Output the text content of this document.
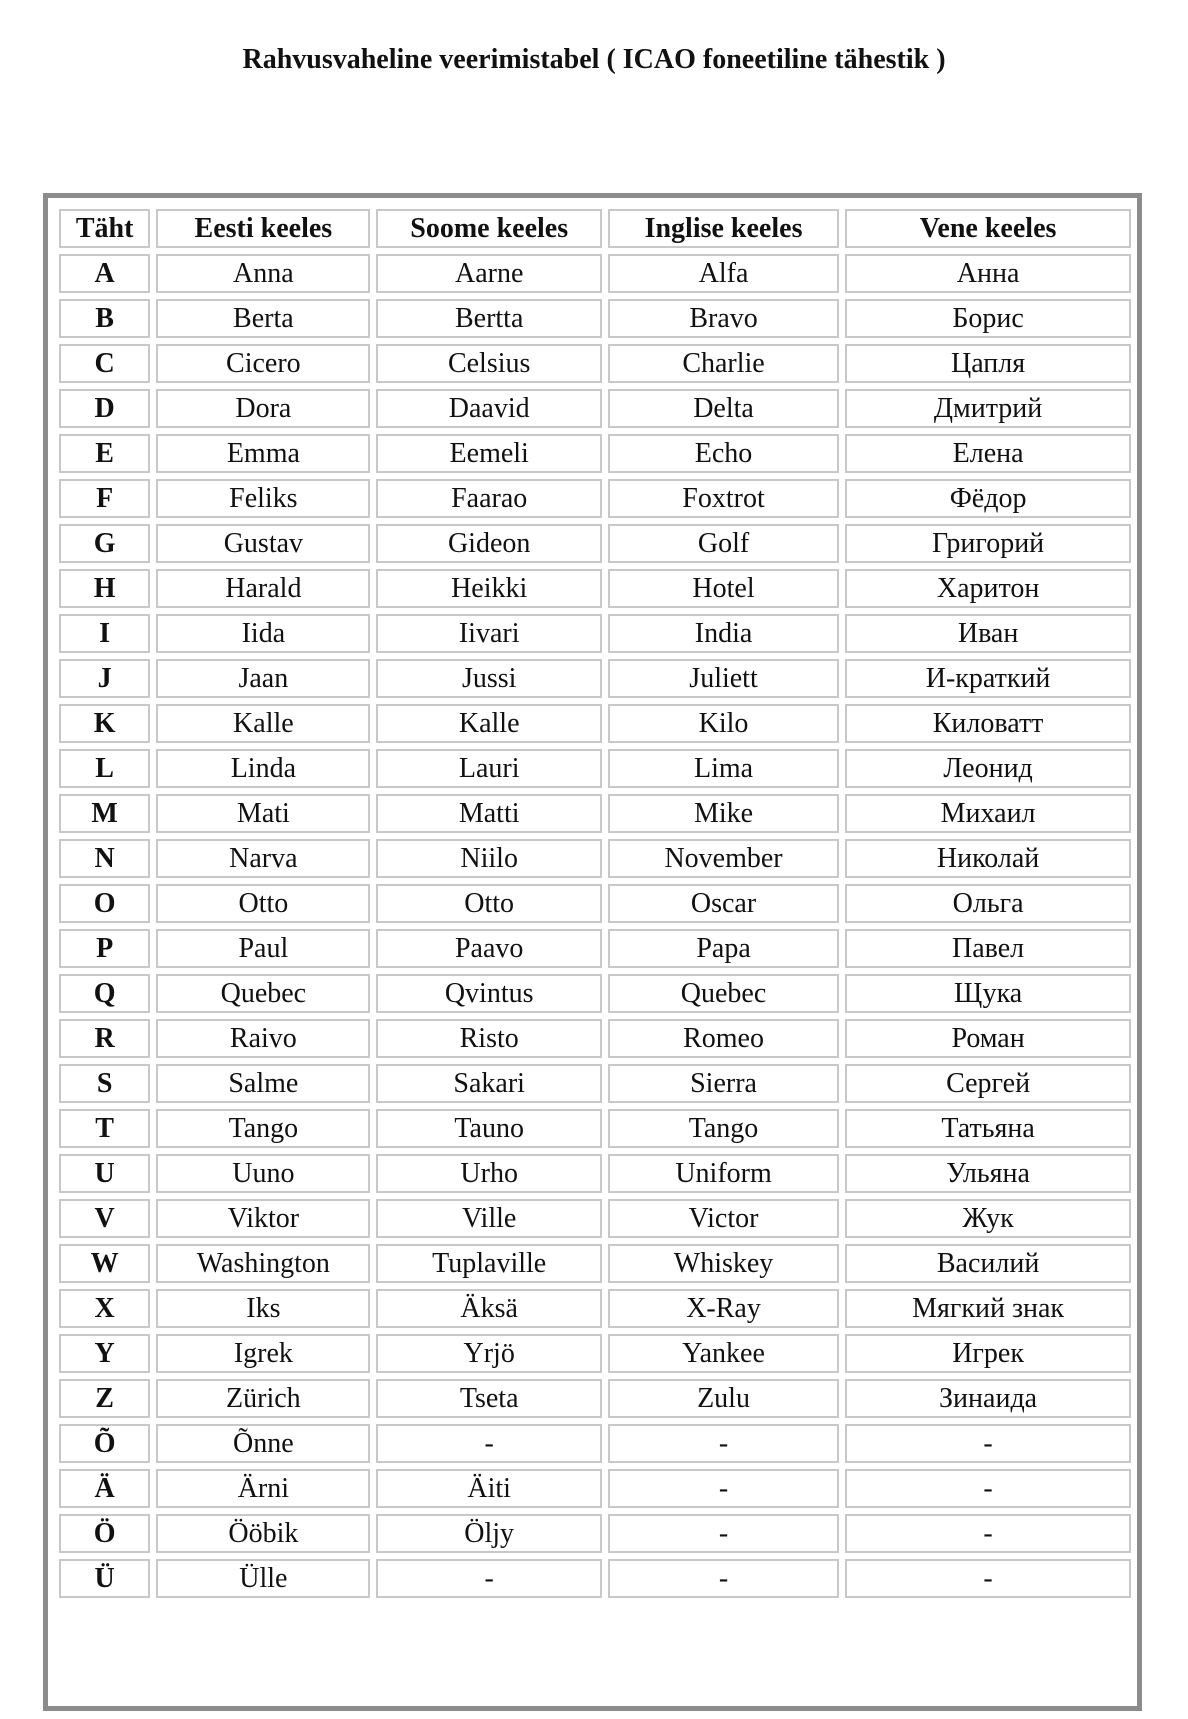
Rahvusvaheline veerimistabel ( ICAO foneetiline tähestik )
Täht	Eesti keeles	Soome keeles	Inglise keeles	Vene keeles
A	Anna	Aarne	Alfa	Анна
B	Berta	Bertta	Bravo	Борис
C	Cicero	Celsius	Charlie	Цапля
D	Dora	Daavid	Delta	Дмитрий
E	Emma	Eemeli	Echo	Елена
F	Feliks	Faarao	Foxtrot	Фёдор
G	Gustav	Gideon	Golf	Григорий
H	Harald	Heikki	Hotel	Харитон
I	Iida	Iivari	India	Иван
J	Jaan	Jussi	Juliett	И-краткий
K	Kalle	Kalle	Kilo	Киловатт
L	Linda	Lauri	Lima	Леонид
M	Mati	Matti	Mike	Михаил
N	Narva	Niilo	November	Николай
O	Otto	Otto	Oscar	Ольга
P	Paul	Paavo	Papa	Павел
Q	Quebec	Qvintus	Quebec	Щука
R	Raivo	Risto	Romeo	Роман
S	Salme	Sakari	Sierra	Сергей
T	Tango	Tauno	Tango	Татьяна
U	Uuno	Urho	Uniform	Ульяна
V	Viktor	Ville	Victor	Жук
W	Washington	Tuplaville	Whiskey	Василий
X	Iks	Äksä	X-Ray	Мягкий знак
Y	Igrek	Yrjö	Yankee	Игрек
Z	Zürich	Tseta	Zulu	Зинаида
Õ	Õnne	-	-	-
Ä	Ärni	Äiti	-	-
Ö	Ööbik	Öljy	-	-
Ü	Ülle	-	-	-
